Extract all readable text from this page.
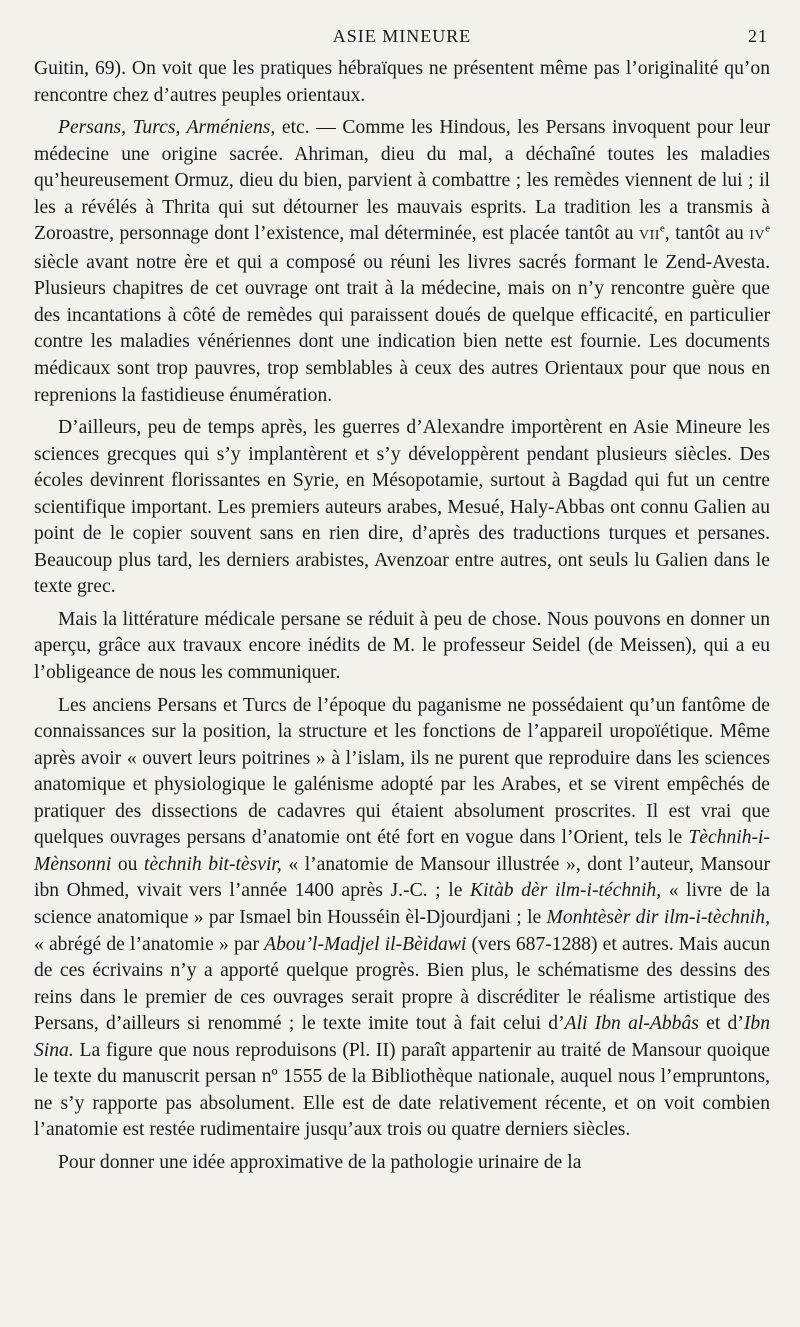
ASIE MINEURE	21

Guitin, 69). On voit que les pratiques hébraïques ne présentent même pas l’originalité qu’on rencontre chez d’autres peuples orientaux.

Persans, Turcs, Arméniens, etc. — Comme les Hindous, les Persans invoquent pour leur médecine une origine sacrée. Ahriman, dieu du mal, a déchaîné toutes les maladies qu’heureusement Ormuz, dieu du bien, parvient à combattre ; les remèdes viennent de lui ; il les a révélés à Thrita qui sut détourner les mauvais esprits. La tradition les a transmis à Zoroastre, personnage dont l’existence, mal déterminée, est placée tantôt au VIIe, tantôt au IVe siècle avant notre ère et qui a composé ou réuni les livres sacrés formant le Zend-Avesta. Plusieurs chapitres de cet ouvrage ont trait à la médecine, mais on n’y rencontre guère que des incantations à côté de remèdes qui paraissent doués de quelque efficacité, en particulier contre les maladies vénériennes dont une indication bien nette est fournie. Les documents médicaux sont trop pauvres, trop semblables à ceux des autres Orientaux pour que nous en reprenions la fastidieuse énumération.

D’ailleurs, peu de temps après, les guerres d’Alexandre importèrent en Asie Mineure les sciences grecques qui s’y implantèrent et s’y développèrent pendant plusieurs siècles. Des écoles devinrent florissantes en Syrie, en Mésopotamie, surtout à Bagdad qui fut un centre scientifique important. Les premiers auteurs arabes, Mesué, Haly-Abbas ont connu Galien au point de le copier souvent sans en rien dire, d’après des traductions turques et persanes. Beaucoup plus tard, les derniers arabistes, Avenzoar entre autres, ont seuls lu Galien dans le texte grec.

Mais la littérature médicale persane se réduit à peu de chose. Nous pouvons en donner un aperçu, grâce aux travaux encore inédits de M. le professeur Seidel (de Meissen), qui a eu l’obligeance de nous les communiquer.

Les anciens Persans et Turcs de l’époque du paganisme ne possédaient qu’un fantôme de connaissances sur la position, la structure et les fonctions de l’appareil uropoïétique. Même après avoir « ouvert leurs poitrines » à l’islam, ils ne purent que reproduire dans les sciences anatomique et physiologique le galénisme adopté par les Arabes, et se virent empêchés de pratiquer des dissections de cadavres qui étaient absolument proscrites. Il est vrai que quelques ouvrages persans d’anatomie ont été fort en vogue dans l’Orient, tels le Tèchnih-i-Mènsonni ou tèchnih bit-tèsvir, « l’anatomie de Mansour illustrée », dont l’auteur, Mansour ibn Ohmed, vivait vers l’année 1400 après J.-C. ; le Kitàb dèr ilm-i-téchnih, « livre de la science anatomique » par Ismael bin Housséin èl-Djourdjani ; le Monhtèsèr dir ilm-i-tèchnih, « abrégé de l’anatomie » par Abou’l-Madjel il-Bèidawi (vers 687-1288) et autres. Mais aucun de ces écrivains n’y a apporté quelque progrès. Bien plus, le schématisme des dessins des reins dans le premier de ces ouvrages serait propre à discréditer le réalisme artistique des Persans, d’ailleurs si renommé ; le texte imite tout à fait celui d’Ali Ibn al-Abbâs et d’Ibn Sina. La figure que nous reproduisons (Pl. II) paraît appartenir au traité de Mansour quoique le texte du manuscrit persan nº 1555 de la Bibliothèque nationale, auquel nous l’empruntons, ne s’y rapporte pas absolument. Elle est de date relativement récente, et on voit combien l’anatomie est restée rudimentaire jusqu’aux trois ou quatre derniers siècles.

Pour donner une idée approximative de la pathologie urinaire de la
